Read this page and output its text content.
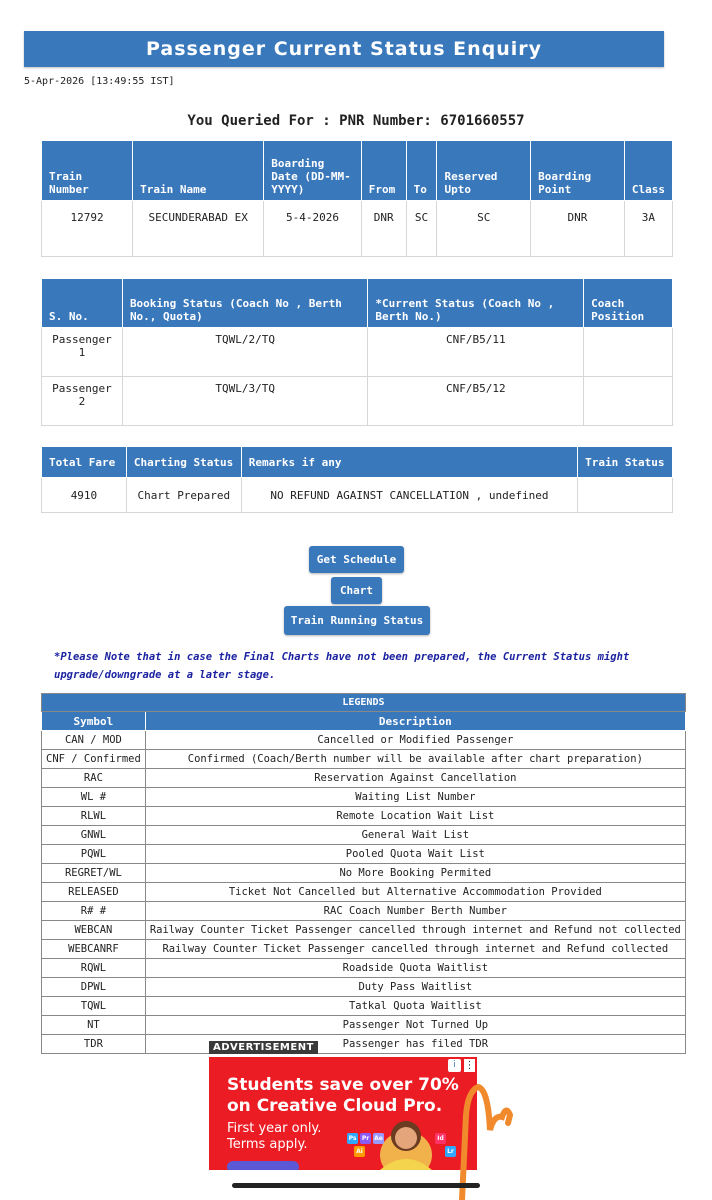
Passenger Current Status Enquiry
5-Apr-2026 [13:49:55 IST]
You Queried For : PNR Number: 6701660557
Train Number	Train Name	Boarding Date (DD-MM-YYYY)	From	To	Reserved Upto	Boarding Point	Class
12792	SECUNDERABAD EX	5-4-2026	DNR	SC	SC	DNR	3A
S. No.	Booking Status (Coach No , Berth No., Quota)	*Current Status (Coach No , Berth No.)	Coach Position
Passenger 1	TQWL/2/TQ	CNF/B5/11	
Passenger 2	TQWL/3/TQ	CNF/B5/12	
Total Fare	Charting Status	Remarks if any	Train Status
4910	Chart Prepared	NO REFUND AGAINST CANCELLATION , undefined	
Get Schedule
Chart
Train Running Status
*Please Note that in case the Final Charts have not been prepared, the Current Status might upgrade/downgrade at a later stage.
LEGENDS	
Symbol	Description
CAN / MOD	Cancelled or Modified Passenger
CNF / Confirmed	Confirmed (Coach/Berth number will be available after chart preparation)
RAC	Reservation Against Cancellation
WL #	Waiting List Number
RLWL	Remote Location Wait List
GNWL	General Wait List
PQWL	Pooled Quota Wait List
REGRET/WL	No More Booking Permited
RELEASED	Ticket Not Cancelled but Alternative Accommodation Provided
R# #	RAC Coach Number Berth Number
WEBCAN	Railway Counter Ticket Passenger cancelled through internet and Refund not collected
WEBCANRF	Railway Counter Ticket Passenger cancelled through internet and Refund collected
RQWL	Roadside Quota Waitlist
DPWL	Duty Pass Waitlist
TQWL	Tatkal Quota Waitlist
NT	Passenger Not Turned Up
TDR	Passenger has filed TDR
ADVERTISEMENT
i ⋮
Students save over 70% on Creative Cloud Pro.
First year only. Terms apply.	Ps Pr Ae
Ai
Id
Lr
